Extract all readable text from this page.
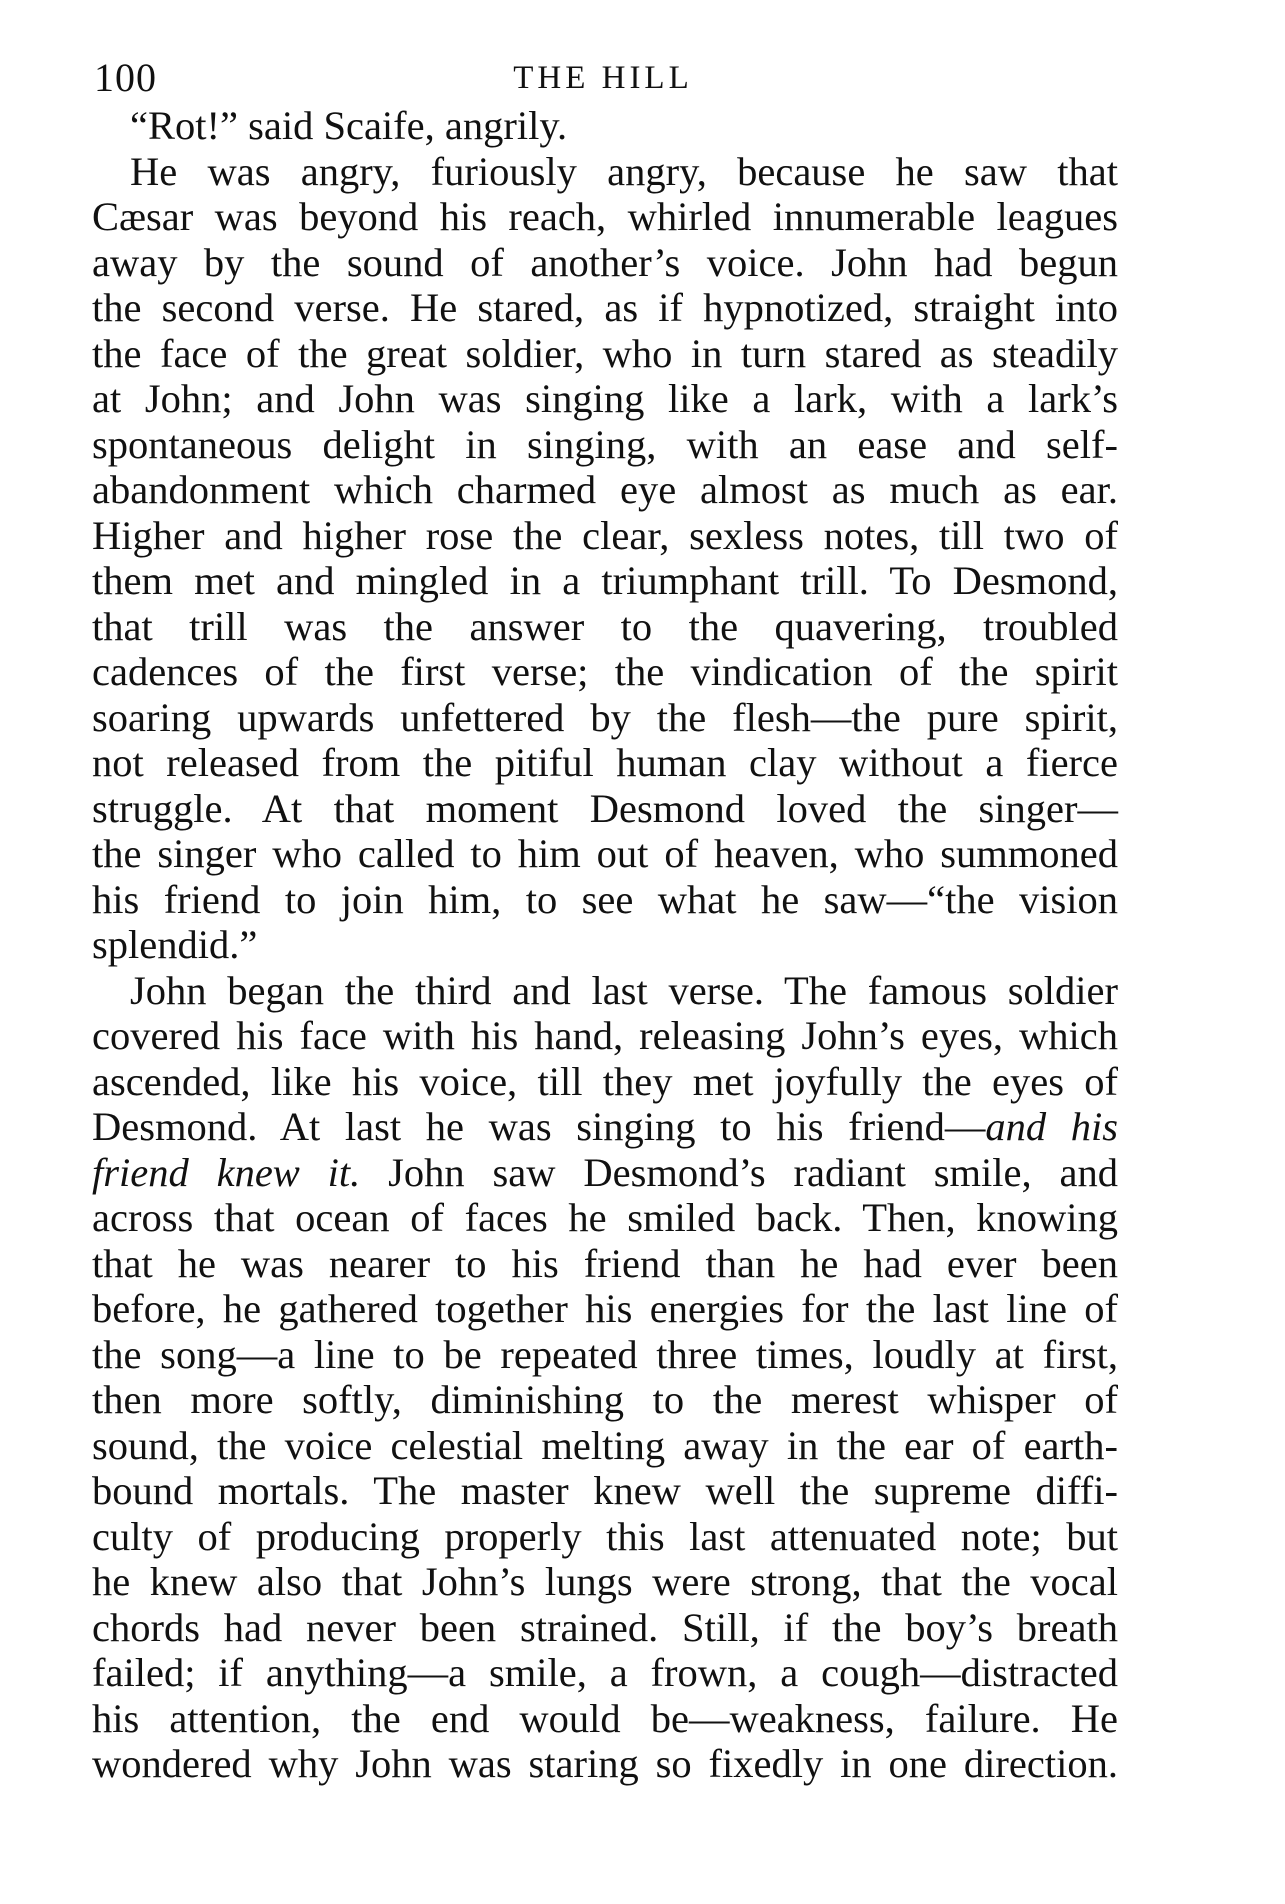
100	THE HILL
“Rot!” said Scaife, angrily.
He was angry, furiously angry, because he saw that
Cæsar was beyond his reach, whirled innumerable leagues
away by the sound of another’s voice. John had begun
the second verse. He stared, as if hypnotized, straight into
the face of the great soldier, who in turn stared as steadily
at John; and John was singing like a lark, with a lark’s
spontaneous delight in singing, with an ease and self-
abandonment which charmed eye almost as much as ear.
Higher and higher rose the clear, sexless notes, till two of
them met and mingled in a triumphant trill. To Desmond,
that trill was the answer to the quavering, troubled
cadences of the first verse; the vindication of the spirit
soaring upwards unfettered by the flesh—the pure spirit,
not released from the pitiful human clay without a fierce
struggle. At that moment Desmond loved the singer—
the singer who called to him out of heaven, who summoned
his friend to join him, to see what he saw—“the vision
splendid.”
John began the third and last verse. The famous soldier
covered his face with his hand, releasing John’s eyes, which
ascended, like his voice, till they met joyfully the eyes of
Desmond. At last he was singing to his friend—and his
friend knew it. John saw Desmond’s radiant smile, and
across that ocean of faces he smiled back. Then, knowing
that he was nearer to his friend than he had ever been
before, he gathered together his energies for the last line of
the song—a line to be repeated three times, loudly at first,
then more softly, diminishing to the merest whisper of
sound, the voice celestial melting away in the ear of earth-
bound mortals. The master knew well the supreme diffi-
culty of producing properly this last attenuated note; but
he knew also that John’s lungs were strong, that the vocal
chords had never been strained. Still, if the boy’s breath
failed; if anything—a smile, a frown, a cough—distracted
his attention, the end would be—weakness, failure. He
wondered why John was staring so fixedly in one direction.
